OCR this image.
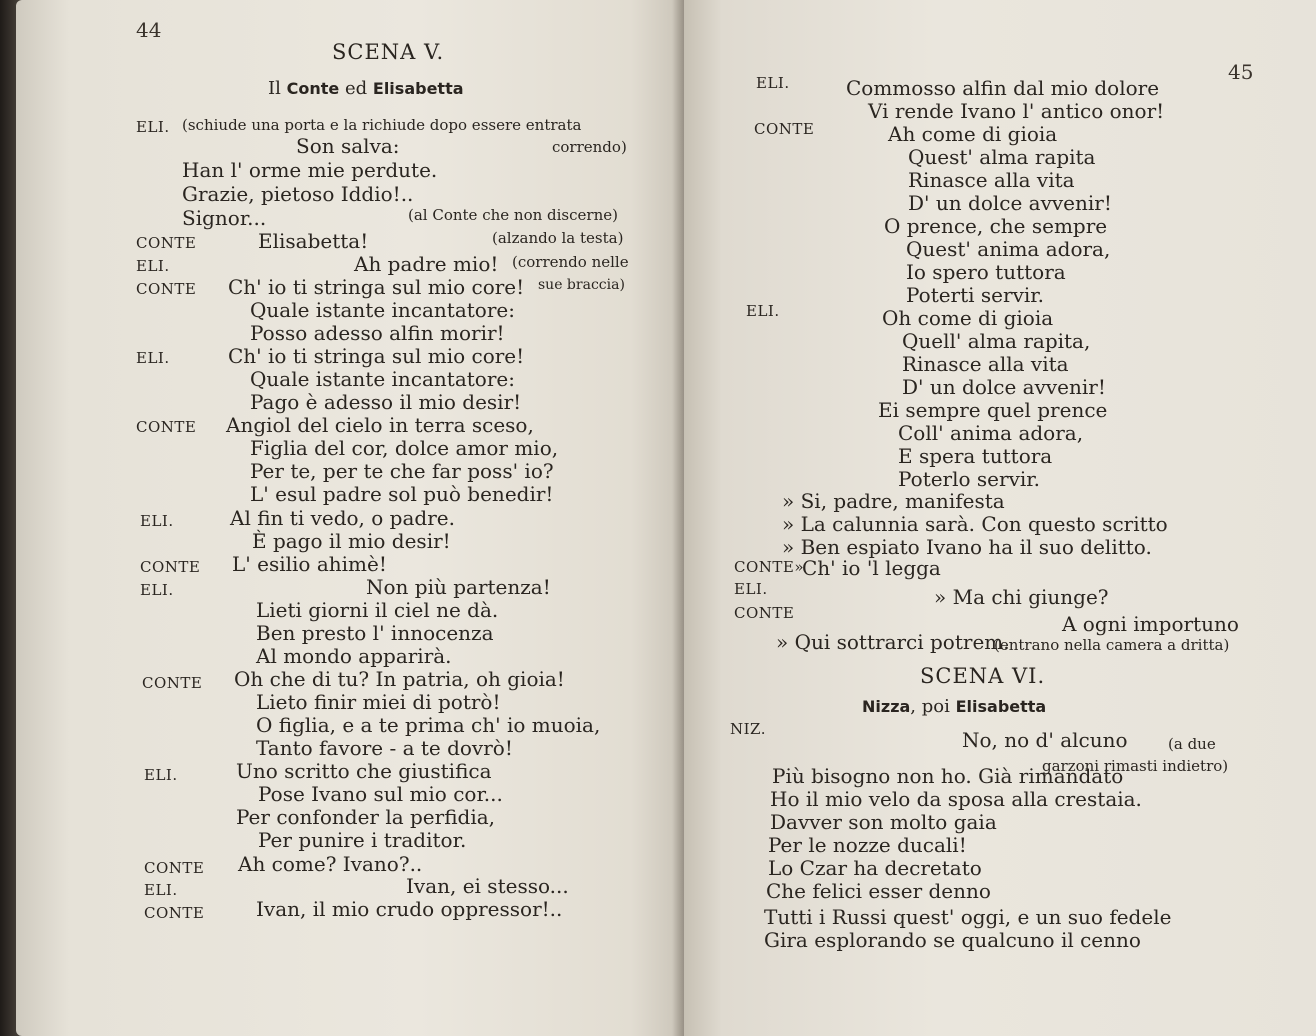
44
SCENA V.
Il Conte ed Elisabetta
ELI. (schiude una porta e la richiude dopo essere entrata
Son salva:	correndo)
Han l' orme mie perdute.
Grazie, pietoso Iddio!..
Signor...	(al Conte che non discerne)
CONTE	Elisabetta!	(alzando la testa)
ELI.	Ah padre mio! (correndo nelle
CONTE Ch' io ti stringa sul mio core! sue braccia)
Quale istante incantatore:
Posso adesso alfin morir!
ELI.	Ch' io ti stringa sul mio core!
Quale istante incantatore:
Pago è adesso il mio desir!
CONTE Angiol del cielo in terra sceso,
Figlia del cor, dolce amor mio,
Per te, per te che far poss' io?
L' esul padre sol può benedir!
ELI.	Al fin ti vedo, o padre.
È pago il mio desir!
CONTE L' esilio ahimè!
ELI.	Non più partenza!
Lieti giorni il ciel ne dà.
Ben presto l' innocenza
Al mondo apparirà.
CONTE Oh che di tu? In patria, oh gioia!
Lieto finir miei di potrò!
O figlia, e a te prima ch' io muoia,
Tanto favore - a te dovrò!
ELI.	Uno scritto che giustifica
Pose Ivano sul mio cor...
Per confonder la perfidia,
Per punire i traditor.
CONTE Ah come? Ivano?..
ELI.	Ivan, ei stesso...
CONTE	Ivan, il mio crudo oppressor!..
45
ELI.	Commosso alfin dal mio dolore
Vi rende Ivano l' antico onor!
CONTE	Ah come di gioia
Quest' alma rapita
Rinasce alla vita
D' un dolce avvenir!
O prence, che sempre
Quest' anima adora,
Io spero tuttora
Poterti servir.
ELI.	Oh come di gioia
Quell' alma rapita,
Rinasce alla vita
D' un dolce avvenir!
Ei sempre quel prence
Coll' anima adora,
E spera tuttora
Poterlo servir.
» Si, padre, manifesta
» La calunnia sarà. Con questo scritto
» Ben espiato Ivano ha il suo delitto.
CONTE»
Ch' io 'l legga
ELI.	» Ma chi giunge?
CONTE	A ogni importuno
» Qui sottrarci potrem.
(entrano nella camera a dritta)
SCENA VI.
Nizza, poi Elisabetta
NIZ.	No, no d' alcuno	(a due
garzoni rimasti indietro)
Più bisogno non ho. Già rimandato
Ho il mio velo da sposa alla crestaia.
Davver son molto gaia
Per le nozze ducali!
Lo Czar ha decretato
Che felici esser denno
Tutti i Russi quest' oggi, e un suo fedele
Gira esplorando se qualcuno il cenno
